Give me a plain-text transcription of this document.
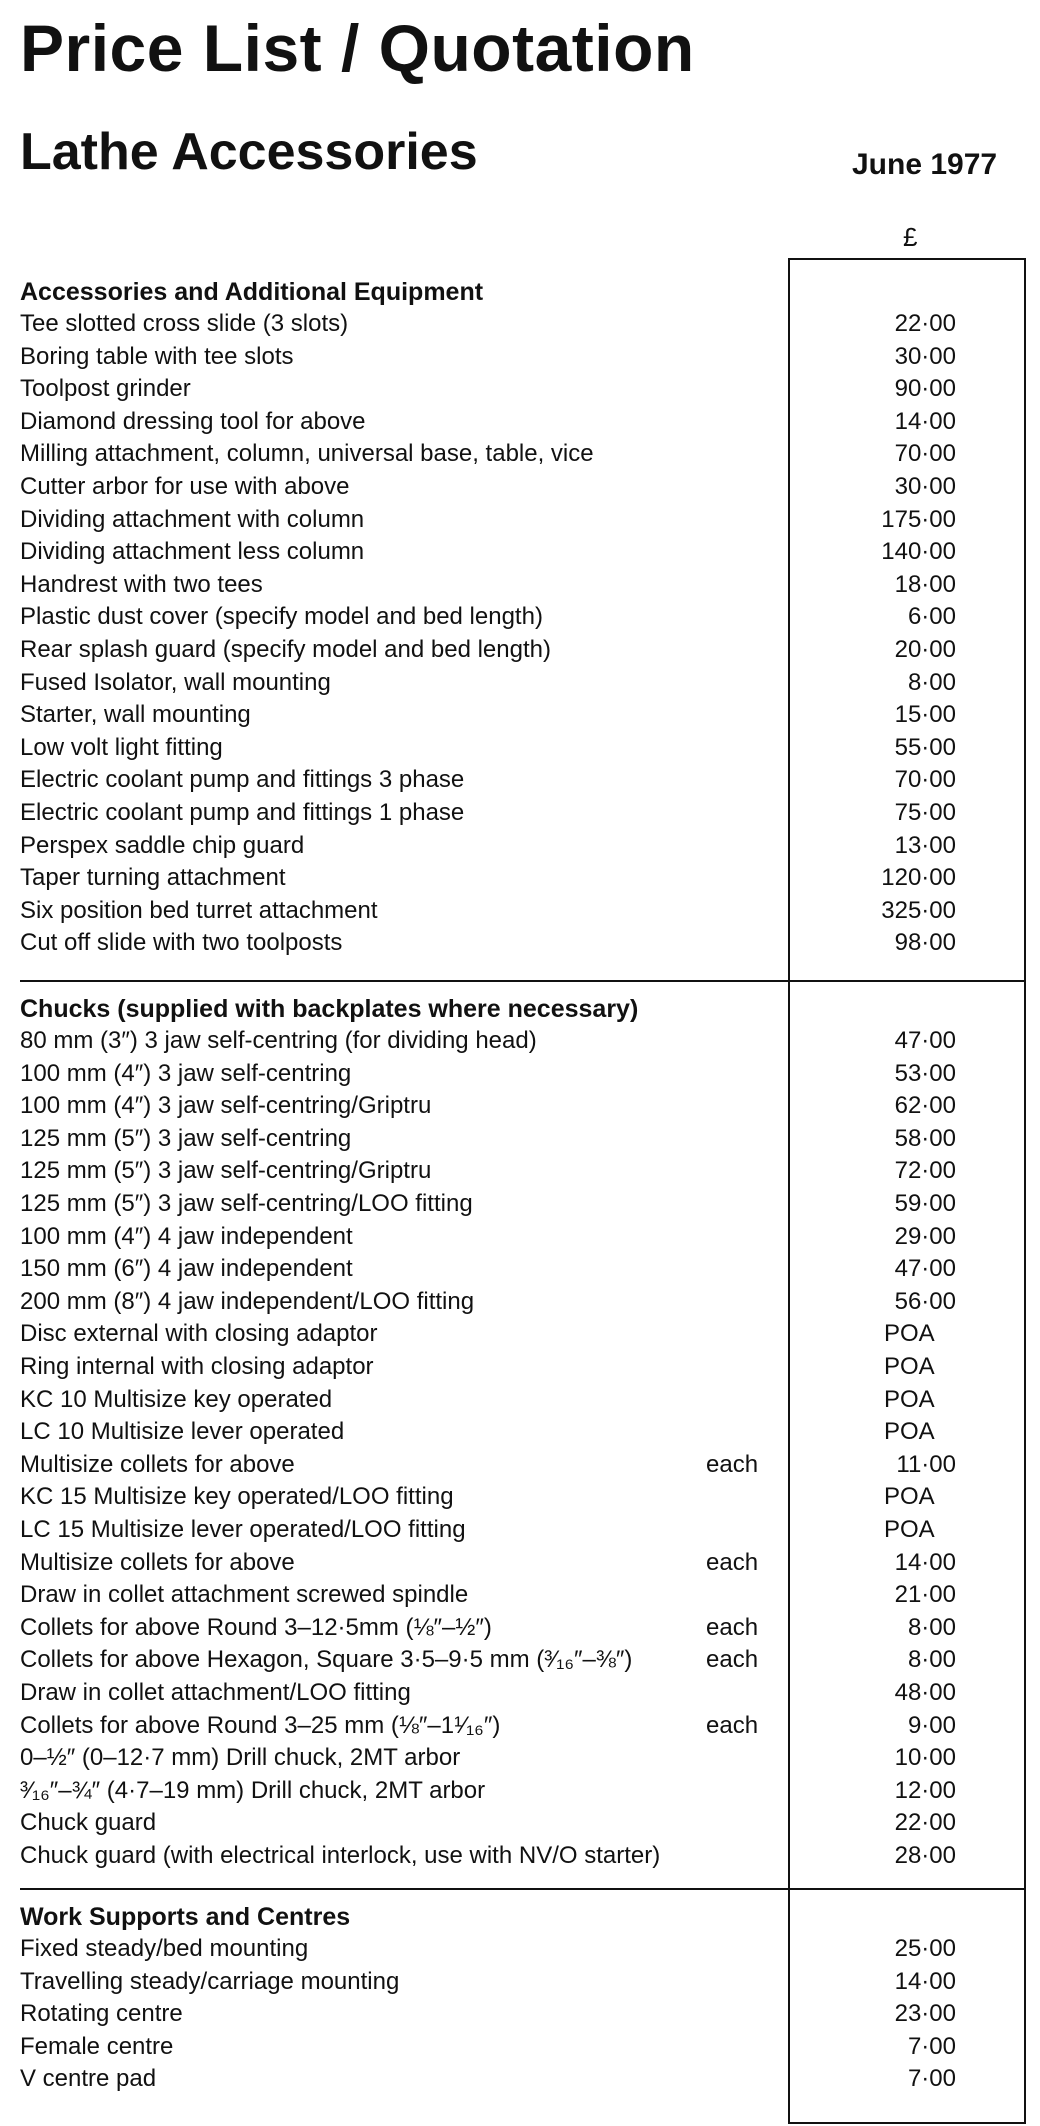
Price List / Quotation
Lathe Accessories	June 1977
£
Accessories and Additional Equipment
Tee slotted cross slide (3 slots)	22·00
Boring table with tee slots	30·00
Toolpost grinder	90·00
Diamond dressing tool for above	14·00
Milling attachment, column, universal base, table, vice	70·00
Cutter arbor for use with above	30·00
Dividing attachment with column	175·00
Dividing attachment less column	140·00
Handrest with two tees	18·00
Plastic dust cover (specify model and bed length)	6·00
Rear splash guard (specify model and bed length)	20·00
Fused Isolator, wall mounting	8·00
Starter, wall mounting	15·00
Low volt light fitting	55·00
Electric coolant pump and fittings 3 phase	70·00
Electric coolant pump and fittings 1 phase	75·00
Perspex saddle chip guard	13·00
Taper turning attachment	120·00
Six position bed turret attachment	325·00
Cut off slide with two toolposts	98·00
Chucks (supplied with backplates where necessary)
80 mm (3″) 3 jaw self-centring (for dividing head)	47·00
100 mm (4″) 3 jaw self-centring	53·00
100 mm (4″) 3 jaw self-centring/Griptru	62·00
125 mm (5″) 3 jaw self-centring	58·00
125 mm (5″) 3 jaw self-centring/Griptru	72·00
125 mm (5″) 3 jaw self-centring/LOO fitting	59·00
100 mm (4″) 4 jaw independent	29·00
150 mm (6″) 4 jaw independent	47·00
200 mm (8″) 4 jaw independent/LOO fitting	56·00
Disc external with closing adaptor	POA
Ring internal with closing adaptor	POA
KC 10 Multisize key operated	POA
LC 10 Multisize lever operated	POA
Multisize collets for above	each	11·00
KC 15 Multisize key operated/LOO fitting	POA
LC 15 Multisize lever operated/LOO fitting	POA
Multisize collets for above	each	14·00
Draw in collet attachment screwed spindle	21·00
Collets for above Round 3–12·5mm (⅛″–½″)	each	8·00
Collets for above Hexagon, Square 3·5–9·5 mm (³⁄₁₆″–⅜″)	each	8·00
Draw in collet attachment/LOO fitting	48·00
Collets for above Round 3–25 mm (⅛″–1¹⁄₁₆″)	each	9·00
0–½″ (0–12·7 mm) Drill chuck, 2MT arbor	10·00
³⁄₁₆″–¾″ (4·7–19 mm) Drill chuck, 2MT arbor	12·00
Chuck guard	22·00
Chuck guard (with electrical interlock, use with NV/O starter)	28·00
Work Supports and Centres
Fixed steady/bed mounting	25·00
Travelling steady/carriage mounting	14·00
Rotating centre	23·00
Female centre	7·00
V centre pad	7·00
